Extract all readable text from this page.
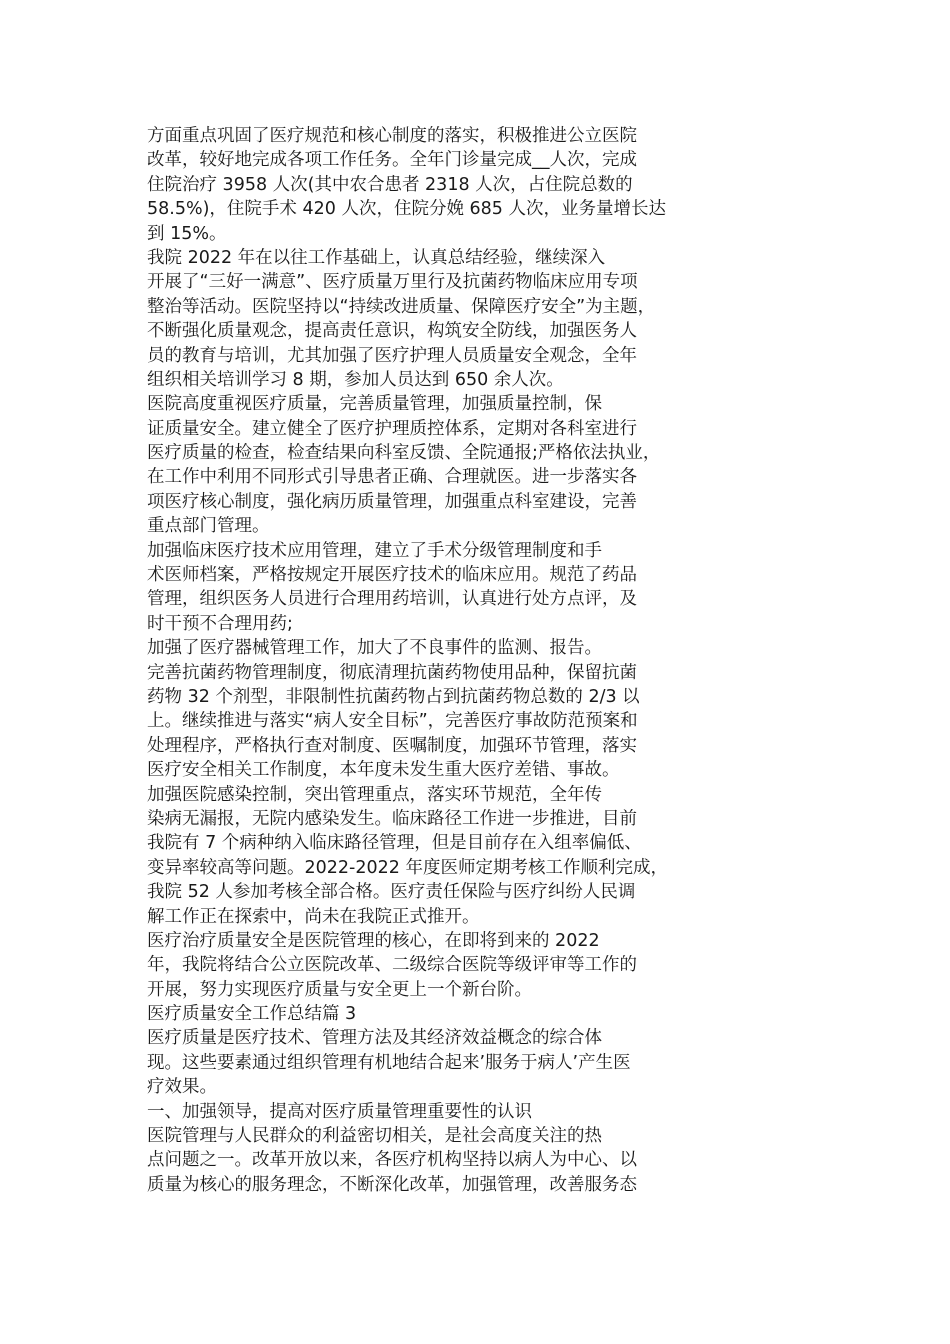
方面重点巩固了医疗规范和核心制度的落实，积极推进公立医院
改革，较好地完成各项工作任务。全年门诊量完成__人次，完成
住院治疗 3958 人次(其中农合患者 2318 人次，占住院总数的
58.5%)，住院手术 420 人次，住院分娩 685 人次，业务量增长达
到 15%。
我院 2022 年在以往工作基础上，认真总结经验，继续深入
开展了“三好一满意”、医疗质量万里行及抗菌药物临床应用专项
整治等活动。医院坚持以“持续改进质量、保障医疗安全”为主题，
不断强化质量观念，提高责任意识，构筑安全防线，加强医务人
员的教育与培训，尤其加强了医疗护理人员质量安全观念，全年
组织相关培训学习 8 期，参加人员达到 650 余人次。
医院高度重视医疗质量，完善质量管理，加强质量控制，保
证质量安全。建立健全了医疗护理质控体系，定期对各科室进行
医疗质量的检查，检查结果向科室反馈、全院通报;严格依法执业，
在工作中利用不同形式引导患者正确、合理就医。进一步落实各
项医疗核心制度，强化病历质量管理，加强重点科室建设，完善
重点部门管理。
加强临床医疗技术应用管理，建立了手术分级管理制度和手
术医师档案，严格按规定开展医疗技术的临床应用。规范了药品
管理，组织医务人员进行合理用药培训，认真进行处方点评，及
时干预不合理用药;
加强了医疗器械管理工作，加大了不良事件的监测、报告。
完善抗菌药物管理制度，彻底清理抗菌药物使用品种，保留抗菌
药物 32 个剂型，非限制性抗菌药物占到抗菌药物总数的 2/3 以
上。继续推进与落实“病人安全目标”，完善医疗事故防范预案和
处理程序，严格执行查对制度、医嘱制度，加强环节管理，落实
医疗安全相关工作制度，本年度未发生重大医疗差错、事故。
加强医院感染控制，突出管理重点，落实环节规范，全年传
染病无漏报，无院内感染发生。临床路径工作进一步推进，目前
我院有 7 个病种纳入临床路径管理，但是目前存在入组率偏低、
变异率较高等问题。2022-2022 年度医师定期考核工作顺利完成，
我院 52 人参加考核全部合格。医疗责任保险与医疗纠纷人民调
解工作正在探索中，尚未在我院正式推开。
医疗治疗质量安全是医院管理的核心，在即将到来的 2022
年，我院将结合公立医院改革、二级综合医院等级评审等工作的
开展，努力实现医疗质量与安全更上一个新台阶。
医疗质量安全工作总结篇 3
医疗质量是医疗技术、管理方法及其经济效益概念的综合体
现。这些要素通过组织管理有机地结合起来’服务于病人’产生医
疗效果。
一、加强领导，提高对医疗质量管理重要性的认识
医院管理与人民群众的利益密切相关，是社会高度关注的热
点问题之一。改革开放以来，各医疗机构坚持以病人为中心、以
质量为核心的服务理念，不断深化改革，加强管理，改善服务态
